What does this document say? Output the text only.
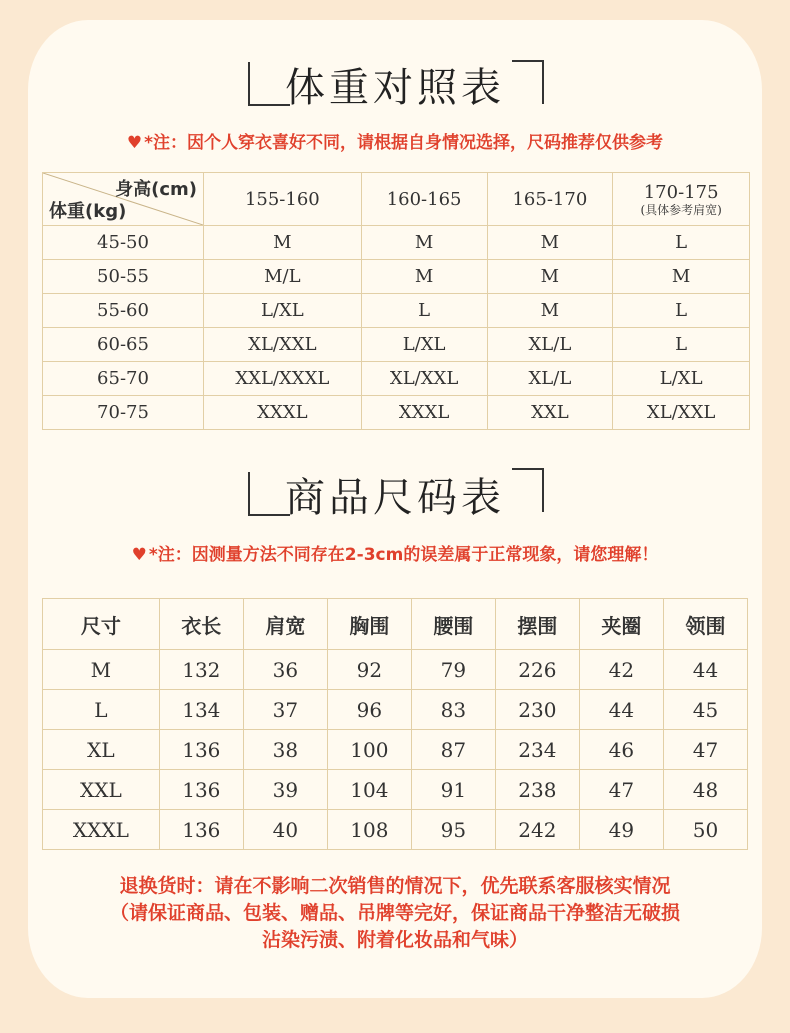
体重对照表
♥ *注：因个人穿衣喜好不同，请根据自身情况选择，尺码推荐仅供参考
身高(cm)
体重(kg)	155-160	160-165	165-170	170-175
(具体参考肩宽)

45-50	M	M	M	L
50-55	M/L	M	M	M
55-60	L/XL	L	M	L
60-65	XL/XXL	L/XL	XL/L	L
65-70	XXL/XXXL	XL/XXL	XL/L	L/XL
70-75	XXXL	XXXL	XXL	XL/XXL
商品尺码表
♥ *注：因测量方法不同存在2-3cm的误差属于正常现象，请您理解！
尺寸	衣长	肩宽	胸围	腰围	摆围	夹圈	领围
M	132	36	92	79	226	42	44
L	134	37	96	83	230	44	45
XL	136	38	100	87	234	46	47
XXL	136	39	104	91	238	47	48
XXXL	136	40	108	95	242	49	50
退换货时：请在不影响二次销售的情况下，优先联系客服核实情况
（请保证商品、包装、赠品、吊牌等完好，保证商品干净整洁无破损
沾染污渍、附着化妆品和气味）
